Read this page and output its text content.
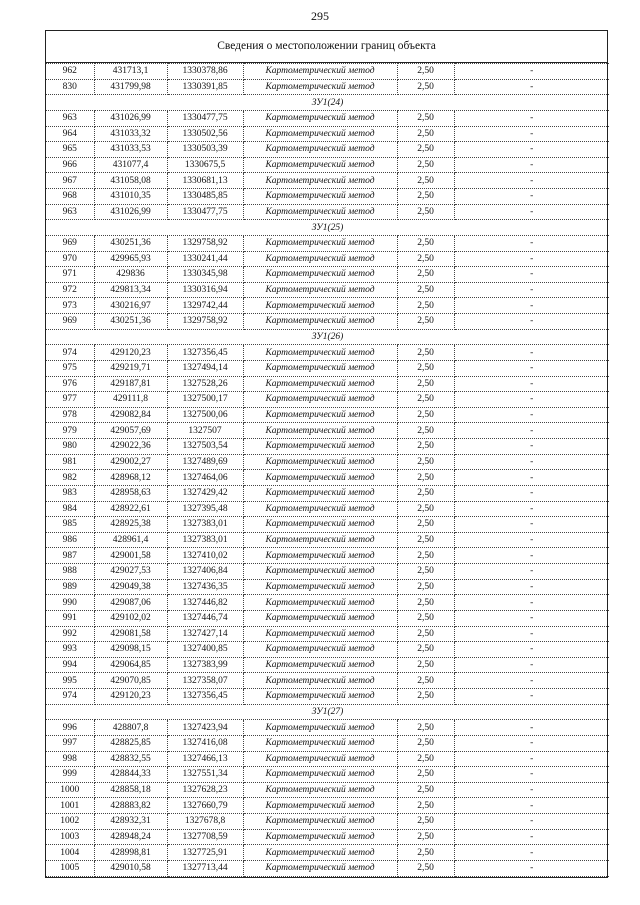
295
Сведения о местоположении границ объекта
962	431713,1	1330378,86	Картометрический метод	2,50	-
830	431799,98	1330391,85	Картометрический метод	2,50	-
ЗУ1(24)					
963	431026,99	1330477,75	Картометрический метод	2,50	-
964	431033,32	1330502,56	Картометрический метод	2,50	-
965	431033,53	1330503,39	Картометрический метод	2,50	-
966	431077,4	1330675,5	Картометрический метод	2,50	-
967	431058,08	1330681,13	Картометрический метод	2,50	-
968	431010,35	1330485,85	Картометрический метод	2,50	-
963	431026,99	1330477,75	Картометрический метод	2,50	-
ЗУ1(25)					
969	430251,36	1329758,92	Картометрический метод	2,50	-
970	429965,93	1330241,44	Картометрический метод	2,50	-
971	429836	1330345,98	Картометрический метод	2,50	-
972	429813,34	1330316,94	Картометрический метод	2,50	-
973	430216,97	1329742,44	Картометрический метод	2,50	-
969	430251,36	1329758,92	Картометрический метод	2,50	-
ЗУ1(26)					
974	429120,23	1327356,45	Картометрический метод	2,50	-
975	429219,71	1327494,14	Картометрический метод	2,50	-
976	429187,81	1327528,26	Картометрический метод	2,50	-
977	429111,8	1327500,17	Картометрический метод	2,50	-
978	429082,84	1327500,06	Картометрический метод	2,50	-
979	429057,69	1327507	Картометрический метод	2,50	-
980	429022,36	1327503,54	Картометрический метод	2,50	-
981	429002,27	1327489,69	Картометрический метод	2,50	-
982	428968,12	1327464,06	Картометрический метод	2,50	-
983	428958,63	1327429,42	Картометрический метод	2,50	-
984	428922,61	1327395,48	Картометрический метод	2,50	-
985	428925,38	1327383,01	Картометрический метод	2,50	-
986	428961,4	1327383,01	Картометрический метод	2,50	-
987	429001,58	1327410,02	Картометрический метод	2,50	-
988	429027,53	1327406,84	Картометрический метод	2,50	-
989	429049,38	1327436,35	Картометрический метод	2,50	-
990	429087,06	1327446,82	Картометрический метод	2,50	-
991	429102,02	1327446,74	Картометрический метод	2,50	-
992	429081,58	1327427,14	Картометрический метод	2,50	-
993	429098,15	1327400,85	Картометрический метод	2,50	-
994	429064,85	1327383,99	Картометрический метод	2,50	-
995	429070,85	1327358,07	Картометрический метод	2,50	-
974	429120,23	1327356,45	Картометрический метод	2,50	-
ЗУ1(27)					
996	428807,8	1327423,94	Картометрический метод	2,50	-
997	428825,85	1327416,08	Картометрический метод	2,50	-
998	428832,55	1327466,13	Картометрический метод	2,50	-
999	428844,33	1327551,34	Картометрический метод	2,50	-
1000	428858,18	1327628,23	Картометрический метод	2,50	-
1001	428883,82	1327660,79	Картометрический метод	2,50	-
1002	428932,31	1327678,8	Картометрический метод	2,50	-
1003	428948,24	1327708,59	Картометрический метод	2,50	-
1004	428998,81	1327725,91	Картометрический метод	2,50	-
1005	429010,58	1327713,44	Картометрический метод	2,50	-
